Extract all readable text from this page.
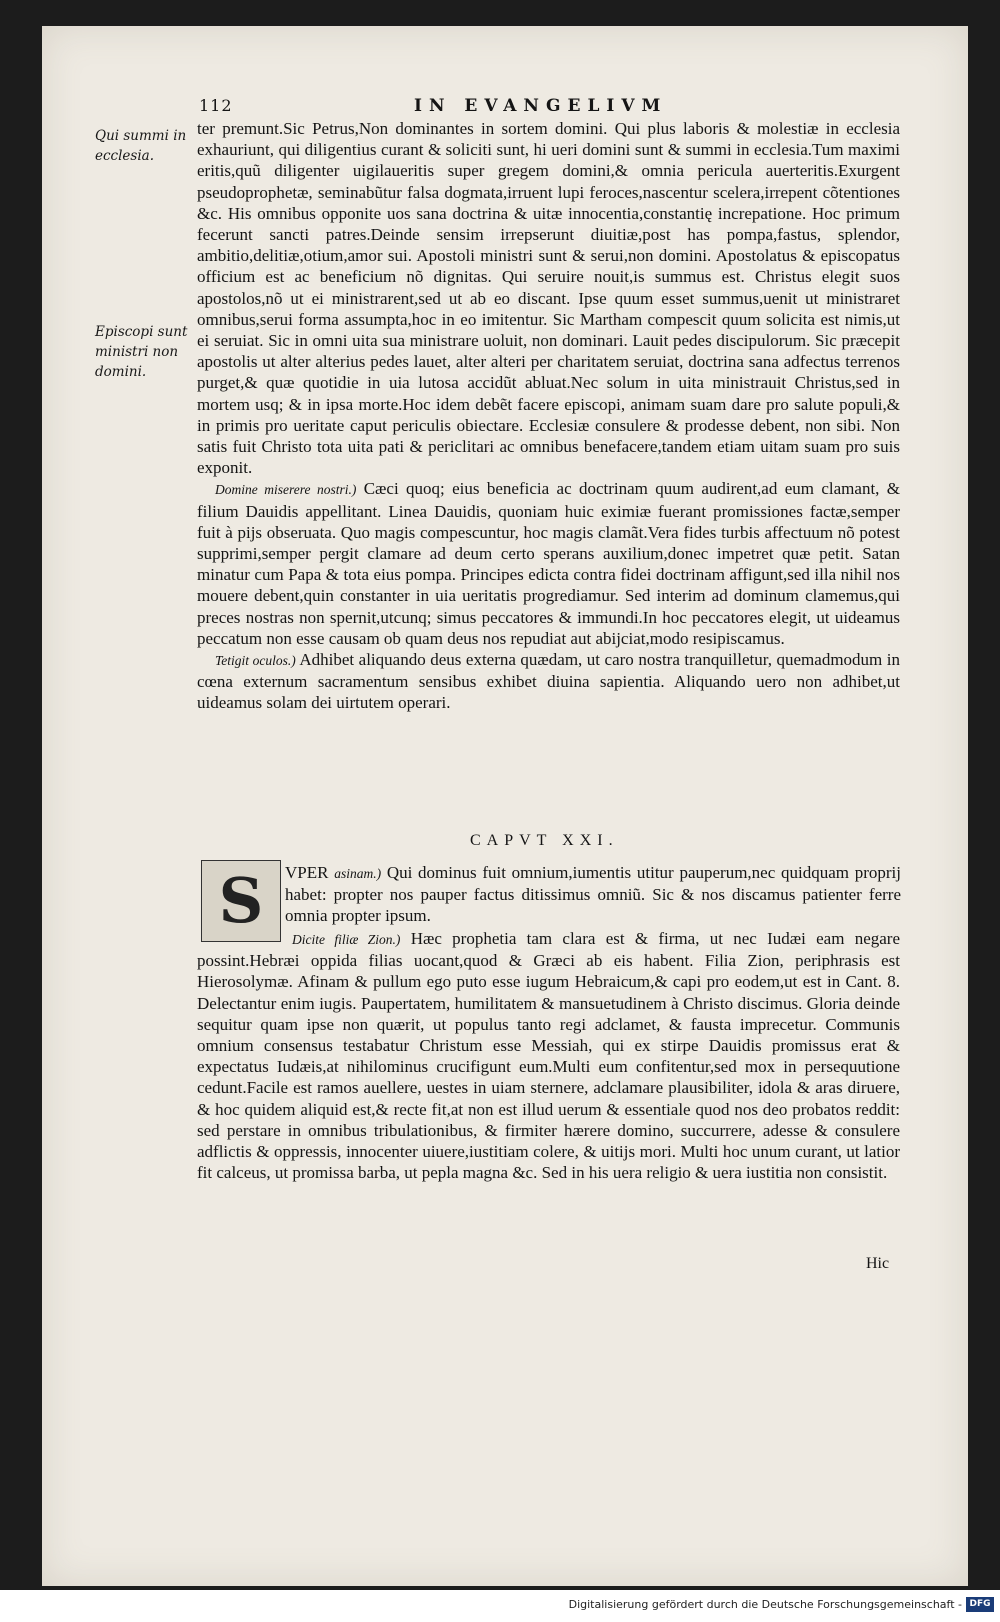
112	IN EVANGELIVM
Qui summi in ecclesia.
Episcopi sunt ministri non domini.

ter premunt.Sic Petrus,Non dominantes in sortem domini. Qui plus laboris & molestiæ in ecclesia exhauriunt, qui diligentius curant & soliciti sunt, hi ueri domini sunt & summi in ecclesia.Tum maximi eritis,quũ diligenter uigilaueritis super gregem domini,& omnia pericula auerteritis.Exurgent pseudoprophetæ, seminabũtur falsa dogmata,irruent lupi feroces,nascentur scelera,irrepent cõtentiones &c. His omnibus opponite uos sana doctrina & uitæ innocentia,constantię increpatione. Hoc primum fecerunt sancti patres.Deinde sensim irrepserunt diuitiæ,post has pompa,fastus, splendor, ambitio,delitiæ,otium,amor sui. Apostoli ministri sunt & serui,non domini. Apostolatus & episcopatus officium est ac beneficium nõ dignitas. Qui seruire nouit,is summus est. Christus elegit suos apostolos,nõ ut ei ministrarent,sed ut ab eo discant. Ipse quum esset summus,uenit ut ministraret omnibus,serui forma assumpta,hoc in eo imitentur. Sic Martham compescit quum solicita est nimis,ut ei seruiat. Sic in omni uita sua ministrare uoluit, non dominari. Lauit pedes discipulorum. Sic præcepit apostolis ut alter alterius pedes lauet, alter alteri per charitatem seruiat, doctrina sana adfectus terrenos purget,& quæ quotidie in uia lutosa accidũt abluat.Nec solum in uita ministrauit Christus,sed in mortem usq; & in ipsa morte.Hoc idem debẽt facere episcopi, animam suam dare pro salute populi,& in primis pro ueritate caput periculis obiectare. Ecclesiæ consulere & prodesse debent, non sibi. Non satis fuit Christo tota uita pati & periclitari ac omnibus benefacere,tandem etiam uitam suam pro suis exponit.

Domine miserere nostri.) Cæci quoq; eius beneficia ac doctrinam quum audirent,ad eum clamant, & filium Dauidis appellitant. Linea Dauidis, quoniam huic eximiæ fuerant promissiones factæ,semper fuit à pijs obseruata. Quo magis compescuntur, hoc magis clamãt.Vera fides turbis affectuum nõ potest supprimi,semper pergit clamare ad deum certo sperans auxilium,donec impetret quæ petit. Satan minatur cum Papa & tota eius pompa. Principes edicta contra fidei doctrinam affigunt,sed illa nihil nos mouere debent,quin constanter in uia ueritatis progrediamur. Sed interim ad dominum clamemus,qui preces nostras non spernit,utcunq; simus peccatores & immundi.In hoc peccatores elegit, ut uideamus peccatum non esse causam ob quam deus nos repudiat aut abijciat,modo resipiscamus.

Tetigit oculos.) Adhibet aliquando deus externa quædam, ut caro nostra tranquilletur, quemadmodum in cœna externum sacramentum sensibus exhibet diuina sapientia. Aliquando uero non adhibet,ut uideamus solam dei uirtutem operari.

CAPVT XXI.
S	VPER asinam.) Qui dominus fuit omnium,iumentis utitur pauperum,nec quidquam proprij habet: propter nos pauper factus ditissimus omniũ. Sic & nos discamus patienter ferre omnia propter ipsum.

Dicite filiæ Zion.) Hæc prophetia tam clara est & firma, ut nec Iudæi eam negare possint.Hebræi oppida filias uocant,quod & Græci ab eis habent. Filia Zion, periphrasis est Hierosolymæ. Afinam & pullum ego puto esse iugum Hebraicum,& capi pro eodem,ut est in Cant. 8. Delectantur enim iugis. Paupertatem, humilitatem & mansuetudinem à Christo discimus. Gloria deinde sequitur quam ipse non quærit, ut populus tanto regi adclamet, & fausta imprecetur. Communis omnium consensus testabatur Christum esse Messiah, qui ex stirpe Dauidis promissus erat & expectatus Iudæis,at nihilominus crucifigunt eum.Multi eum confitentur,sed mox in persequutione cedunt.Facile est ramos auellere, uestes in uiam sternere, adclamare plausibiliter, idola & aras diruere, & hoc quidem aliquid est,& recte fit,at non est illud uerum & essentiale quod nos deo probatos reddit: sed perstare in omnibus tribulationibus, & firmiter hærere domino, succurrere, adesse & consulere adflictis & oppressis, innocenter uiuere,iustitiam colere, & uitijs mori. Multi hoc unum curant, ut latior fit calceus, ut promissa barba, ut pepla magna &c. Sed in his uera religio & uera iustitia non consistit.

Hic
Digitalisierung gefördert durch die Deutsche Forschungsgemeinschaft - DFG
